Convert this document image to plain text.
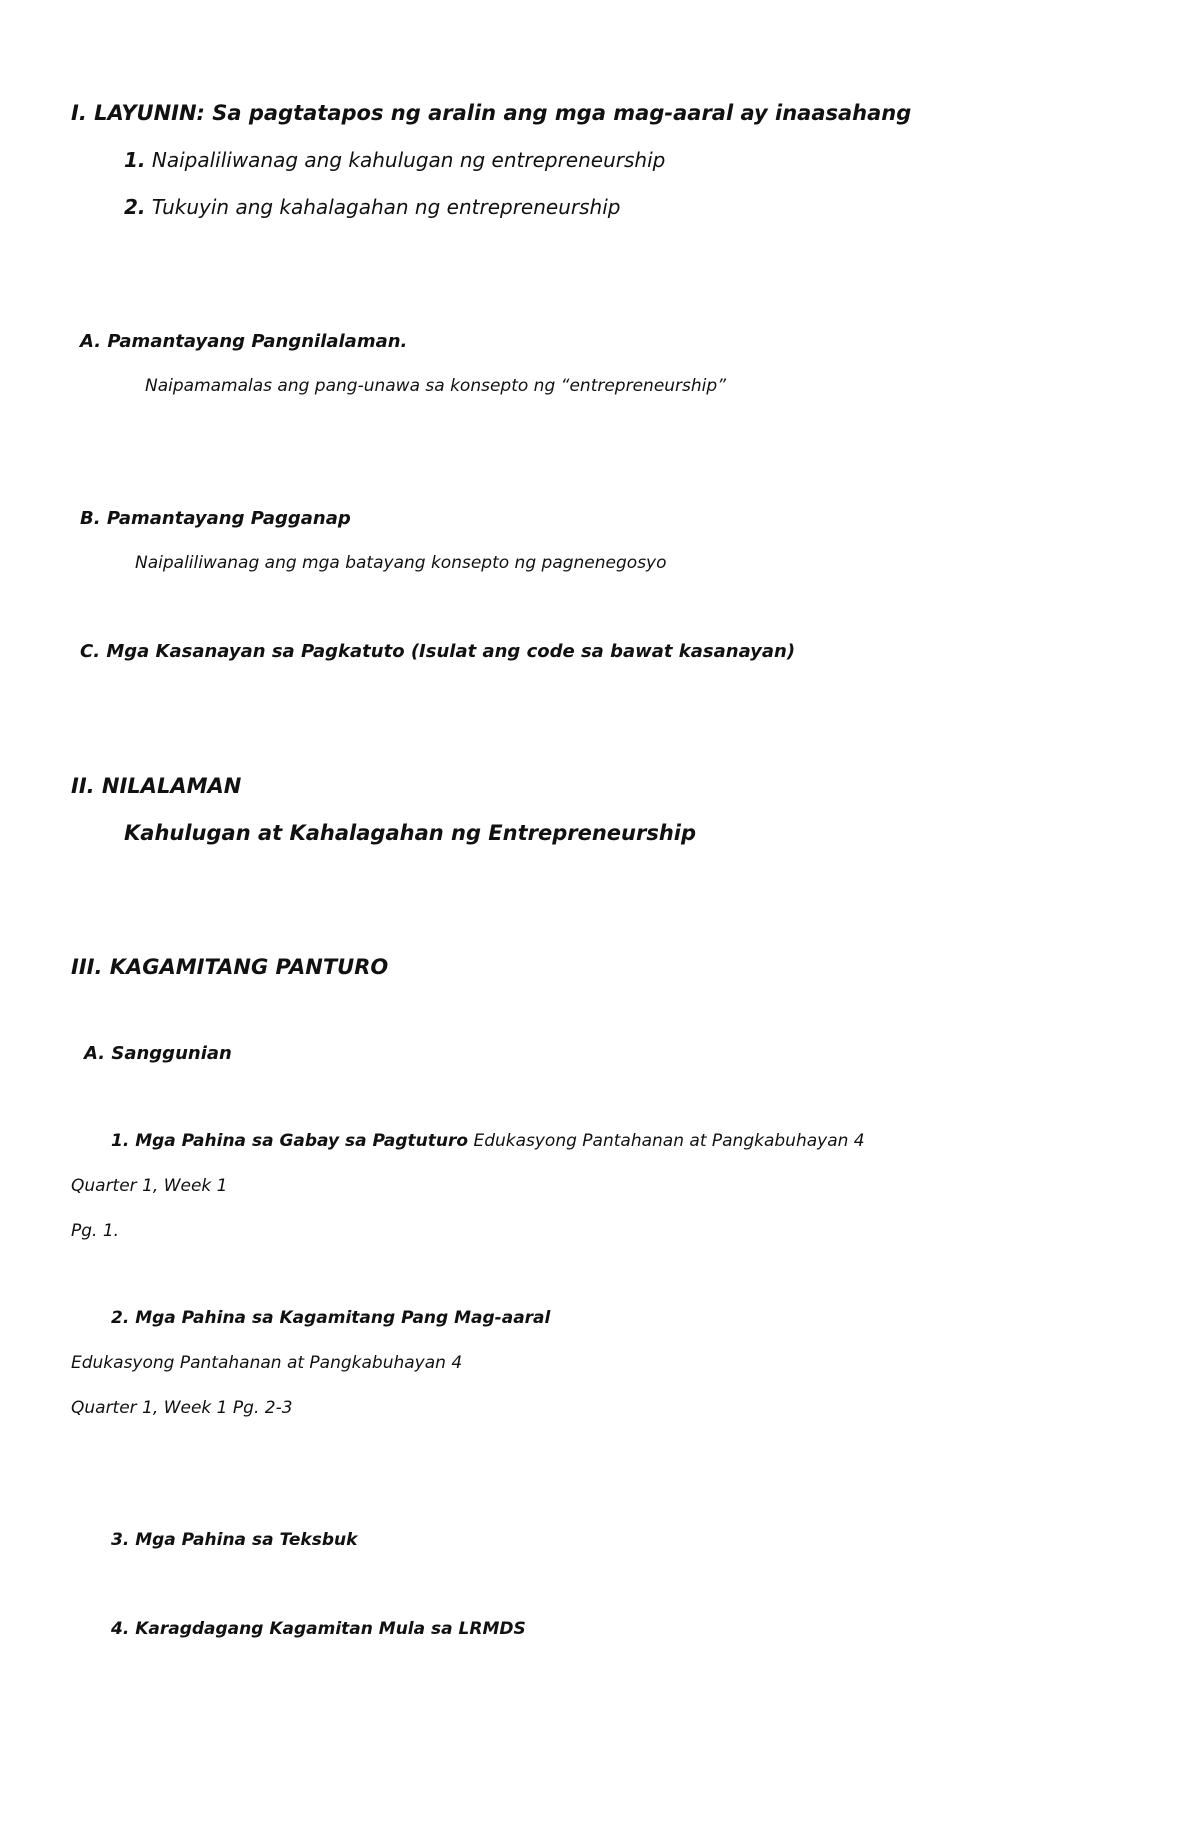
I. LAYUNIN: Sa pagtatapos ng aralin ang mga mag-aaral ay inaasahang
1. Naipaliliwanag ang kahulugan ng entrepreneurship
2. Tukuyin ang kahalagahan ng entrepreneurship
A. Pamantayang Pangnilalaman.
Naipamamalas ang pang-unawa sa konsepto ng “entrepreneurship”
B. Pamantayang Pagganap
Naipaliliwanag ang mga batayang konsepto ng pagnenegosyo
C. Mga Kasanayan sa Pagkatuto (Isulat ang code sa bawat kasanayan)
II. NILALAMAN
Kahulugan at Kahalagahan ng Entrepreneurship
III. KAGAMITANG PANTURO
A. Sanggunian
1. Mga Pahina sa Gabay sa Pagtuturo Edukasyong Pantahanan at Pangkabuhayan 4
Quarter 1, Week 1
Pg. 1.
2. Mga Pahina sa Kagamitang Pang Mag-aaral
Edukasyong Pantahanan at Pangkabuhayan 4
Quarter 1, Week 1 Pg. 2-3
3. Mga Pahina sa Teksbuk
4. Karagdagang Kagamitan Mula sa LRMDS
